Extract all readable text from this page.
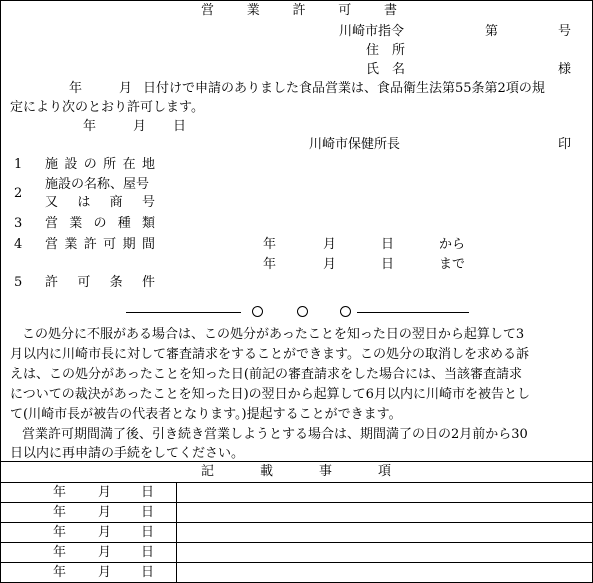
営	業	許	可	書
川崎市指令	第	号
住　所
氏　名	様
年	月 日付けで申請のありました食品営業は、食品衛生法第55条第2項の規
定により次のとおり許可します。
年	月 日
川崎市保健所長	印
1 施 設 の 所 在 地
2
施設の名称、屋号
又 は 商 号
3 営 業 の 種 類
4 営 業 許 可 期 間	年	月	日	から
年	月	日	まで
5 許 可 条 件
この処分に不服がある場合は、この処分があったことを知った日の翌日から起算して3
月以内に川崎市長に対して審査請求をすることができます。この処分の取消しを求める訴
えは、この処分があったことを知った日(前記の審査請求をした場合には、当該審査請求
についての裁決があったことを知った日)の翌日から起算して6月以内に川崎市を被告とし
て(川崎市長が被告の代表者となります。)提起することができます。
営業許可期間満了後、引き続き営業しようとする場合は、期間満了の日の2月前から30
日以内に再申請の手続をしてください。
記	載	事	項
年 月 日
年 月 日
年 月 日
年 月 日
年 月 日
